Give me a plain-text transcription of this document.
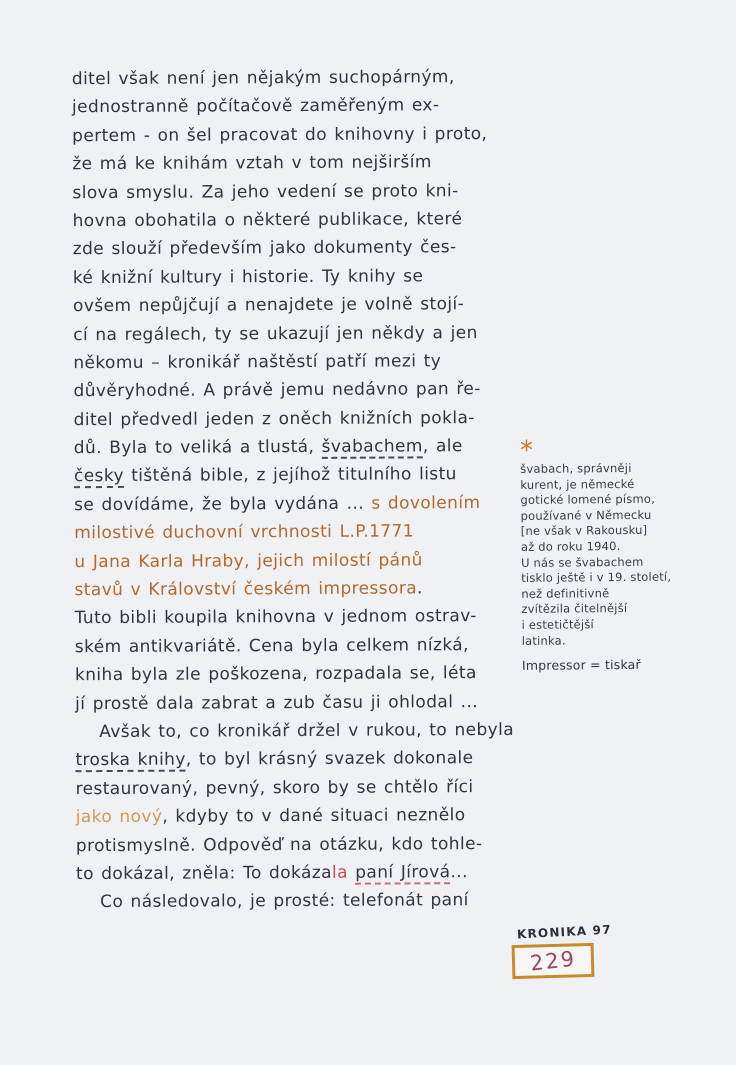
ditel však není jen nějakým suchopárným,
jednostranně počítačově zaměřeným ex-
pertem - on šel pracovat do knihovny i proto,
že má ke knihám vztah v tom nejširším
slova smyslu. Za jeho vedení se proto kni-
hovna obohatila o některé publikace, které
zde slouží především jako dokumenty čes-
ké knižní kultury i historie. Ty knihy se
ovšem nepůjčují a nenajdete je volně stojí-
cí na regálech, ty se ukazují jen někdy a jen
někomu – kronikář naštěstí patří mezi ty
důvěryhodné. A právě jemu nedávno pan ře-
ditel předvedl jeden z oněch knižních pokla-
dů. Byla to veliká a tlustá, švabachem, ale
česky tištěná bible, z jejíhož titulního listu
se dovídáme, že byla vydána ... s dovolením
milostivé duchovní vrchnosti L.P.1771
u Jana Karla Hraby, jejich milostí pánů
stavů v Království českém impressora.
Tuto bibli koupila knihovna v jednom ostrav-
ském antikvariátě. Cena byla celkem nízká,
kniha byla zle poškozena, rozpadala se, léta
jí prostě dala zabrat a zub času ji ohlodal ...
Avšak to, co kronikář držel v rukou, to nebyla
troska knihy, to byl krásný svazek dokonale
restaurovaný, pevný, skoro by se chtělo říci
jako nový, kdyby to v dané situaci neznělo
protismyslně. Odpověď na otázku, kdo tohle-
to dokázal, zněla: To dokázala paní Jírová...
Co následovalo, je prosté: telefonát paní
*
švabach, správněji
kurent, je německé
gotické lomené písmo,
používané v Německu
[ne však v Rakousku]
až do roku 1940.
U nás se švabachem
tisklo ještě i v 19. století,
než definitivně
zvítězila čitelnější
i estetičtější
latinka.
Impressor = tiskař
KRONIKA 97
229
